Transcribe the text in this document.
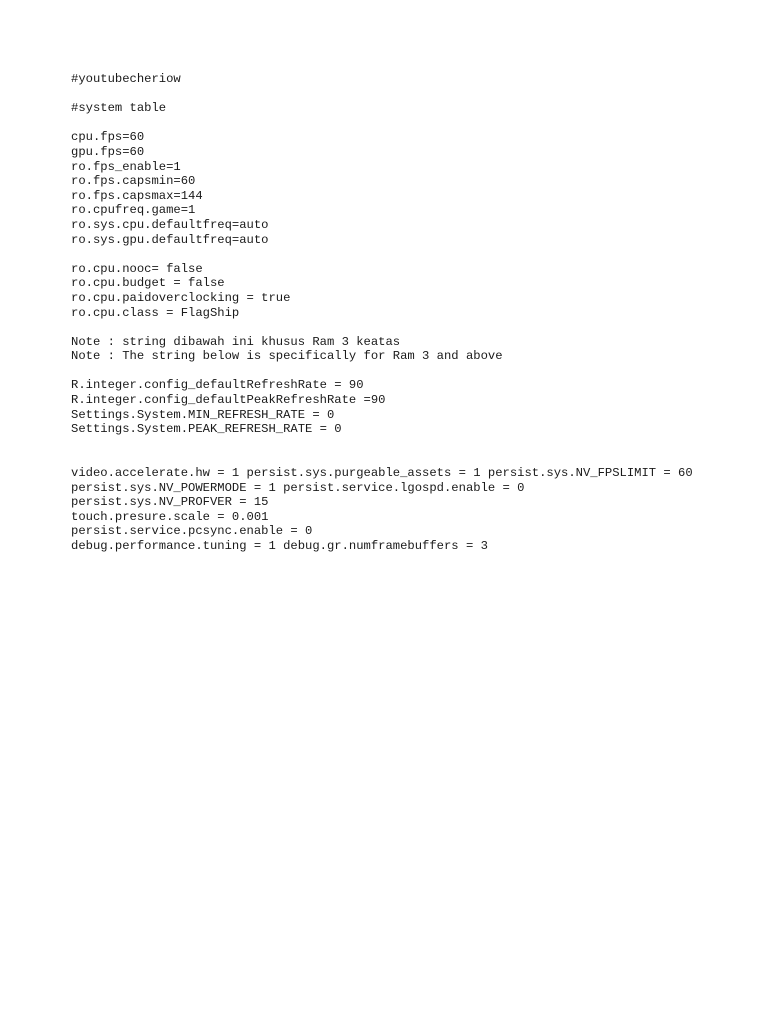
#youtubecheriow
#system table
cpu.fps=60
gpu.fps=60
ro.fps_enable=1
ro.fps.capsmin=60
ro.fps.capsmax=144
ro.cpufreq.game=1
ro.sys.cpu.defaultfreq=auto
ro.sys.gpu.defaultfreq=auto
ro.cpu.nooc= false
ro.cpu.budget = false
ro.cpu.paidoverclocking = true
ro.cpu.class = FlagShip
Note : string dibawah ini khusus Ram 3 keatas
Note : The string below is specifically for Ram 3 and above
R.integer.config_defaultRefreshRate = 90
R.integer.config_defaultPeakRefreshRate =90
Settings.System.MIN_REFRESH_RATE = 0
Settings.System.PEAK_REFRESH_RATE = 0
video.accelerate.hw = 1 persist.sys.purgeable_assets = 1 persist.sys.NV_FPSLIMIT = 60 persist.sys.NV_POWERMODE = 1 persist.service.lgospd.enable = 0
persist.sys.NV_PROFVER = 15
touch.presure.scale = 0.001
persist.service.pcsync.enable = 0
debug.performance.tuning = 1 debug.gr.numframebuffers = 3
